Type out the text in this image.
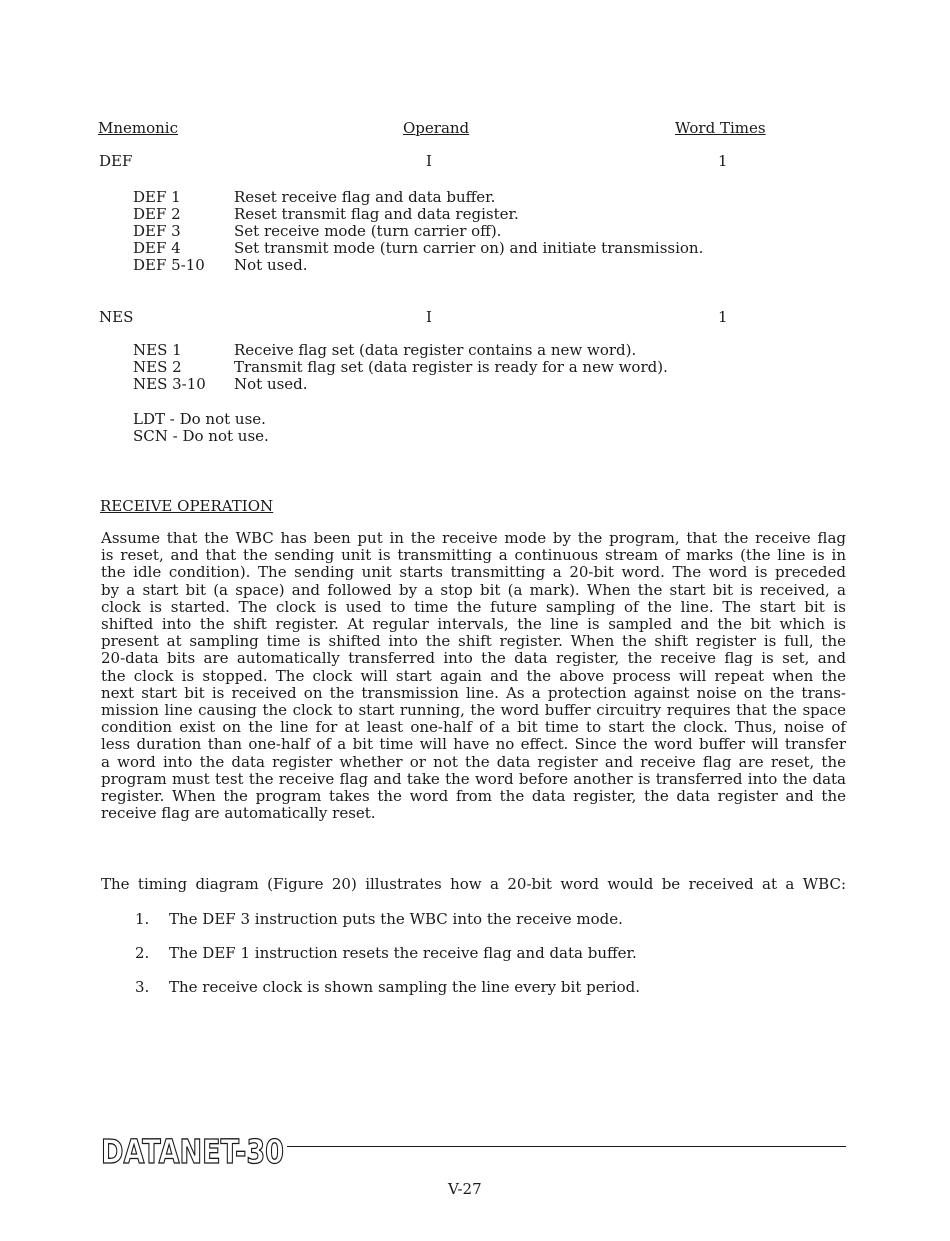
Mnemonic	Operand	Word Times
DEF	I	1
DEF 1	Reset receive flag and data buffer.
DEF 2	Reset transmit flag and data register.
DEF 3	Set receive mode (turn carrier off).
DEF 4	Set transmit mode (turn carrier on) and initiate transmission.
DEF 5-10 Not used.
NES	I	1
NES 1	Receive flag set (data register contains a new word).
NES 2	Transmit flag set (data register is ready for a new word).
NES 3-10 Not used.
LDT - Do not use.
SCN - Do not use.
RECEIVE OPERATION
Assume that the WBC has been put in the receive mode by the program, that the receive flag
is reset, and that the sending unit is transmitting a continuous stream of marks (the line is in
the idle condition). The sending unit starts transmitting a 20-bit word. The word is preceded
by a start bit (a space) and followed by a stop bit (a mark). When the start bit is received, a
clock is started. The clock is used to time the future sampling of the line. The start bit is
shifted into the shift register. At regular intervals, the line is sampled and the bit which is
present at sampling time is shifted into the shift register. When the shift register is full, the
20-data bits are automatically transferred into the data register, the receive flag is set, and
the clock is stopped. The clock will start again and the above process will repeat when the
next start bit is received on the transmission line. As a protection against noise on the trans-
mission line causing the clock to start running, the word buffer circuitry requires that the space
condition exist on the line for at least one-half of a bit time to start the clock. Thus, noise of
less duration than one-half of a bit time will have no effect. Since the word buffer will transfer
a word into the data register whether or not the data register and receive flag are reset, the
program must test the receive flag and take the word before another is transferred into the data
register. When the program takes the word from the data register, the data register and the
receive flag are automatically reset.
The timing diagram (Figure 20) illustrates how a 20-bit word would be received at a WBC:
1. The DEF 3 instruction puts the WBC into the receive mode.
2. The DEF 1 instruction resets the receive flag and data buffer.
3. The receive clock is shown sampling the line every bit period.
DATANET-30
V-27
